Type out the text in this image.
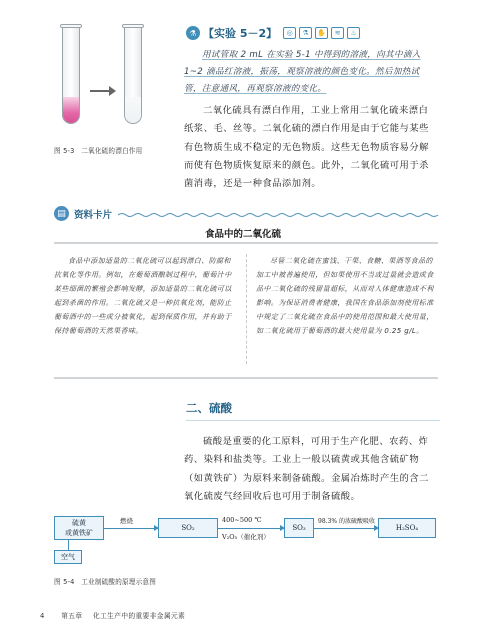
图 5-3　二氧化硫的漂白作用
⚗ 【实验 5－2】	◎	⚗	✋	≋	♨
用试管取 2 mL 在实验 5-1 中得到的溶液，向其中滴入 1~2 滴品红溶液，振荡，观察溶液的颜色变化。然后加热试管，注意通风，再观察溶液的变化。
二氧化硫具有漂白作用，工业上常用二氧化硫来漂白纸浆、毛、丝等。二氧化硫的漂白作用是由于它能与某些有色物质生成不稳定的无色物质。这些无色物质容易分解而使有色物质恢复原来的颜色。此外，二氧化硫可用于杀菌消毒，还是一种食品添加剂。
▤ 资料卡片
食品中的二氧化硫
食品中添加适量的二氧化硫可以起到漂白、防腐和抗氧化等作用。例如，在葡萄酒酿制过程中，葡萄汁中某些细菌的繁殖会影响发酵，添加适量的二氧化硫可以起到杀菌的作用。二氧化硫又是一种抗氧化剂，能防止葡萄酒中的一些成分被氧化，起到保质作用，并有助于保持葡萄酒的天然果香味。
尽管二氧化硫在蜜饯、干果、食糖、果酒等食品的加工中被普遍使用，但如果使用不当或过量就会造成食品中二氧化硫的残留量超标，从而对人体健康造成不利影响。为保证消费者健康，我国在食品添加剂使用标准中规定了二氧化硫在食品中的使用范围和最大使用量，如二氧化硫用于葡萄酒的最大使用量为 0.25 g/L。
二、硫酸
硫酸是重要的化工原料，可用于生产化肥、农药、炸药、染料和盐类等。工业上一般以硫黄或其他含硫矿物（如黄铁矿）为原料来制备硫酸。金属冶炼时产生的含二氧化硫废气经回收后也可用于制备硫酸。
硫黄
或黄铁矿
空气
燃烧
SO₂
400~500 ℃
V₂O₅（催化剂）
SO₃
98.3% 的浓硫酸吸收
H₂SO₄
图 5-4　工业制硫酸的原理示意图
4 第五章 化工生产中的重要非金属元素
